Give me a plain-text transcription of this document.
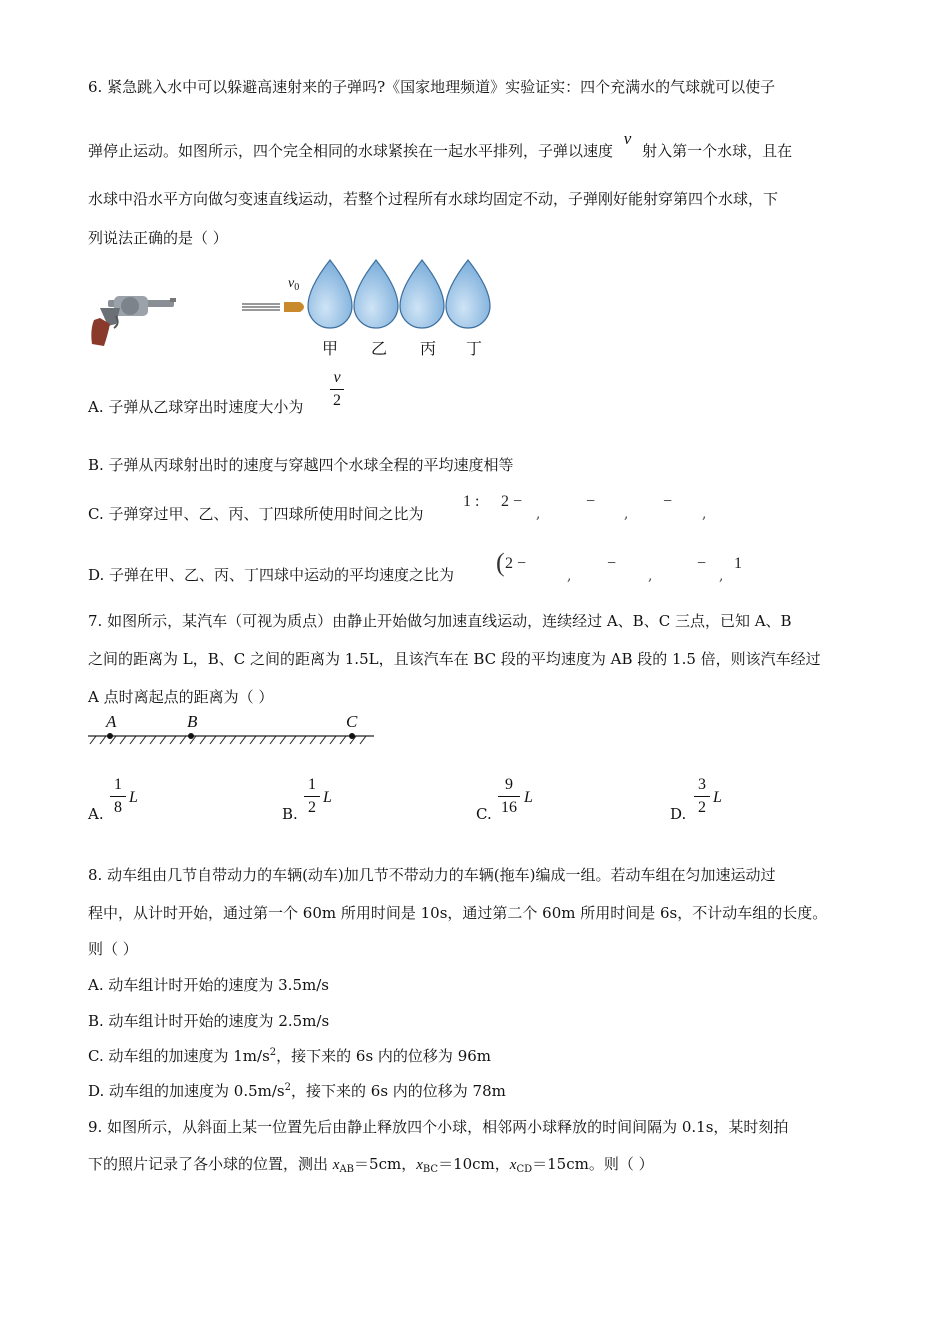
6. 紧急跳入水中可以躲避高速射来的子弹吗?《国家地理频道》实验证实：四个充满水的气球就可以使子
弹停止运动。如图所示，四个完全相同的水球紧挨在一起水平排列，子弹以速度 v 射入第一个水球，且在
水球中沿水平方向做匀变速直线运动，若整个过程所有水球均固定不动，子弹刚好能射穿第四个水球，下
列说法正确的是（ ）
$v_0$
甲 乙 丙 丁
A. 子弹从乙球穿出时速度大小为
v
2
B. 子弹从丙球射出时的速度与穿越四个水球全程的平均速度相等
C. 子弹穿过甲、乙、丙、丁四球所使用时间之比为
1 : 2 −	−	−
,	,	,
D. 子弹在甲、乙、丙、丁四球中运动的平均速度之比为 ( 2 −	−	− 1
,	,	,
7. 如图所示，某汽车（可视为质点）由静止开始做匀加速直线运动，连续经过 A、B、C 三点，已知 A、B
之间的距离为 L，B、C 之间的距离为 1.5L，且该汽车在 BC 段的平均速度为 AB 段的 1.5 倍，则该汽车经过
A 点时离起点的距离为（ ）
A	B	C
A.
1
8
L
B.
1
2
L
C.
9
16
L
D.
3
2
L
8. 动车组由几节自带动力的车辆(动车)加几节不带动力的车辆(拖车)编成一组。若动车组在匀加速运动过
程中，从计时开始，通过第一个 60m 所用时间是 10s，通过第二个 60m 所用时间是 6s，不计动车组的长度。
则（ ）
A. 动车组计时开始的速度为 3.5m/s
B. 动车组计时开始的速度为 2.5m/s
C. 动车组的加速度为 $1m/s^2$，接下来的 6s 内的位移为 96m
D. 动车组的加速度为 $0.5m/s^2$，接下来的 6s 内的位移为 78m
9. 如图所示，从斜面上某一位置先后由静止释放四个小球，相邻两小球释放的时间间隔为 0.1s，某时刻拍
下的照片记录了各小球的位置，测出 $x_{AB}=5cm$，$x_{BC}=10cm$，$x_{CD}=15cm$。则（ ）
